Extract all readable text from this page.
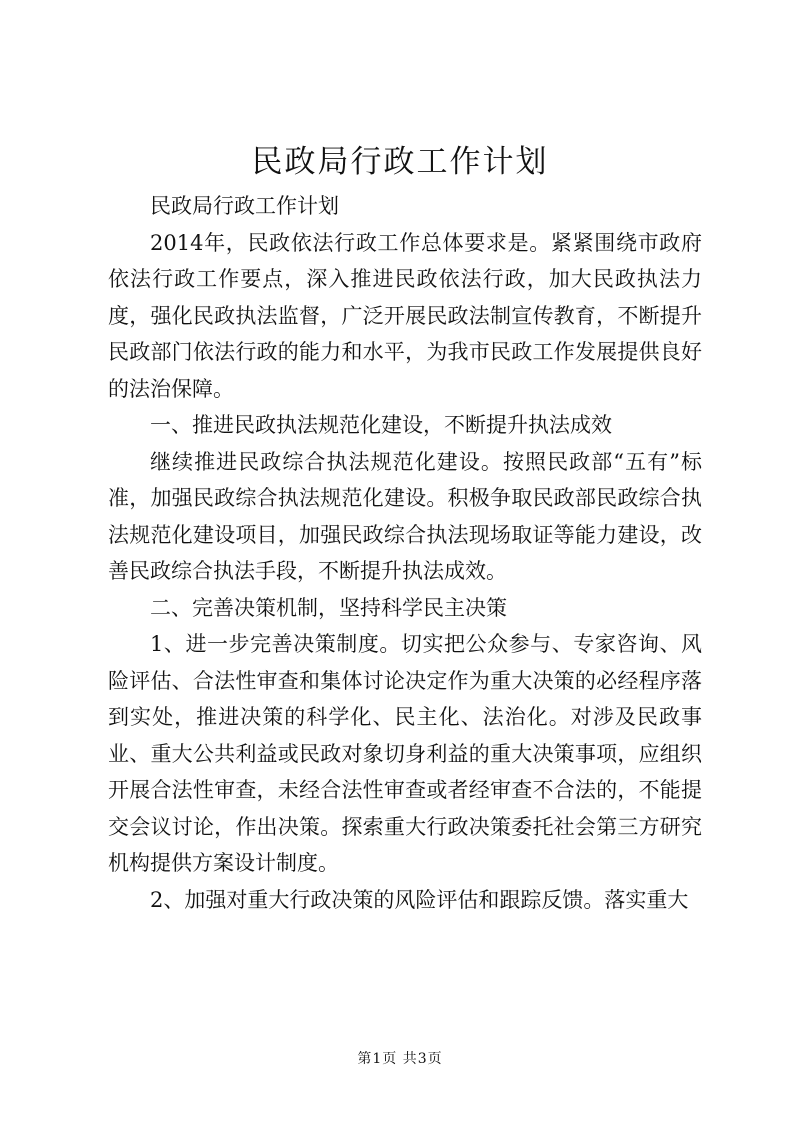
民政局行政工作计划

民政局行政工作计划

2014年，民政依法行政工作总体要求是。紧紧围绕市政府依法行政工作要点，深入推进民政依法行政，加大民政执法力度，强化民政执法监督，广泛开展民政法制宣传教育，不断提升民政部门依法行政的能力和水平，为我市民政工作发展提供良好的法治保障。

一、推进民政执法规范化建设，不断提升执法成效

继续推进民政综合执法规范化建设。按照民政部“五有”标准，加强民政综合执法规范化建设。积极争取民政部民政综合执法规范化建设项目，加强民政综合执法现场取证等能力建设，改善民政综合执法手段，不断提升执法成效。

二、完善决策机制，坚持科学民主决策

1、进一步完善决策制度。切实把公众参与、专家咨询、风险评估、合法性审查和集体讨论决定作为重大决策的必经程序落到实处，推进决策的科学化、民主化、法治化。对涉及民政事业、重大公共利益或民政对象切身利益的重大决策事项，应组织开展合法性审查，未经合法性审查或者经审查不合法的，不能提交会议讨论，作出决策。探索重大行政决策委托社会第三方研究机构提供方案设计制度。

2、加强对重大行政决策的风险评估和跟踪反馈。落实重大

第1页 共3页
